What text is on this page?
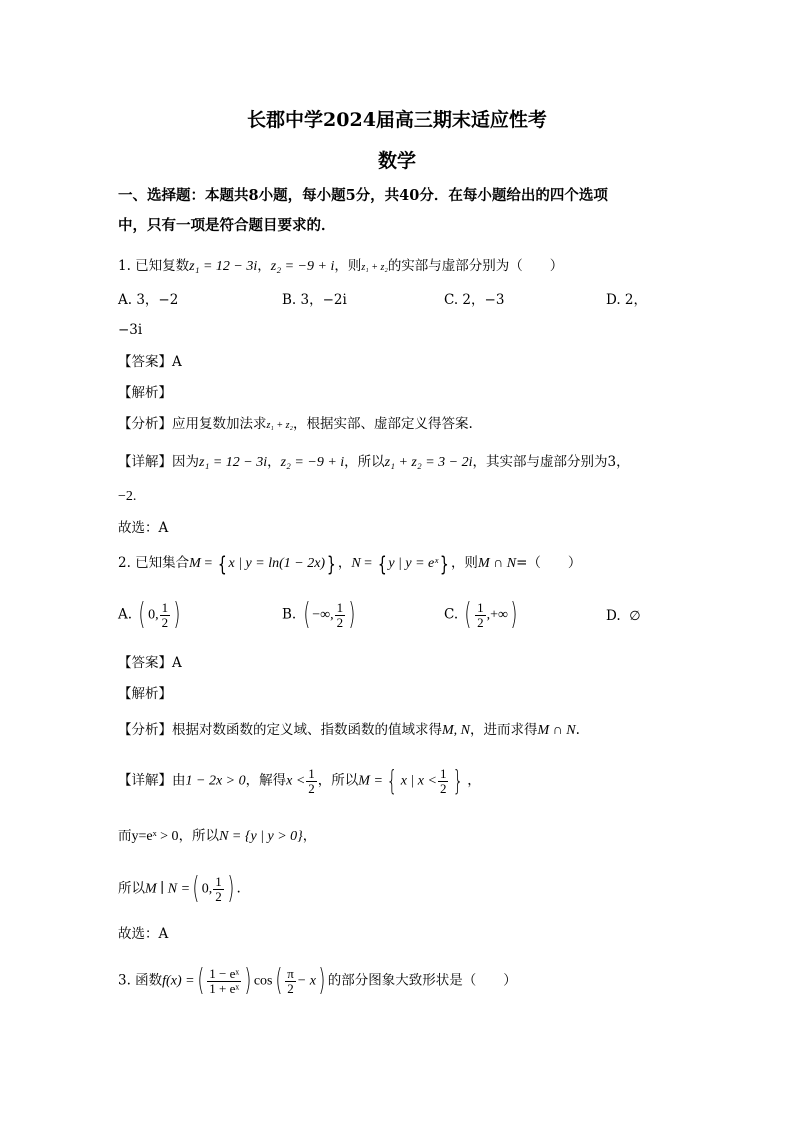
长郡中学2024届高三期末适应性考
数学
一、选择题：本题共8小题，每小题5分，共40分．在每小题给出的四个选项
中，只有一项是符合题目要求的．
1. 已知复数z₁ = 12 − 3i，z₂ = −9 + i，则z₁ + z₂的实部与虚部分别为（　　）
A. 3，−2	B. 3，−2i	C. 2，−3	D. 2，
−3i
【答案】A
【解析】
【分析】应用复数加法求z₁ + z₂，根据实部、虚部定义得答案.
【详解】因为z₁ = 12 − 3i，z₂ = −9 + i，所以z₁ + z₂ = 3 − 2i，其实部与虚部分别为3，
−2.
故选：A
2. 已知集合M = { x | y = ln(1 − 2x)} ，N = { y | y = eˣ} ，则M ∩ N=（　　）
A. ( 0, $\frac{1}{2}$ )	B. ( −∞, $\frac{1}{2}$ )	C. ( $\frac{1}{2}$ ,+∞)	D. ∅
【答案】A
【解析】
【分析】根据对数函数的定义域、指数函数的值域求得M, N，进而求得M ∩ N.
【详解】由1 − 2x > 0，解得$x < \frac{1}{2}$ ，所以M = { x | $x < \frac{1}{2}$ } ，
而y=eˣ > 0，所以N = {y | y > 0}，
所以M ∣ N =( 0, $\frac{1}{2}$ ) .
故选：A
3. 函数f(x) =( $\frac{\text{1 − eˣ}}{\text{1 + eˣ}}$ ) $\cos( \frac{\pi}{2} - x)$ 的部分图象大致形状是（　　）
